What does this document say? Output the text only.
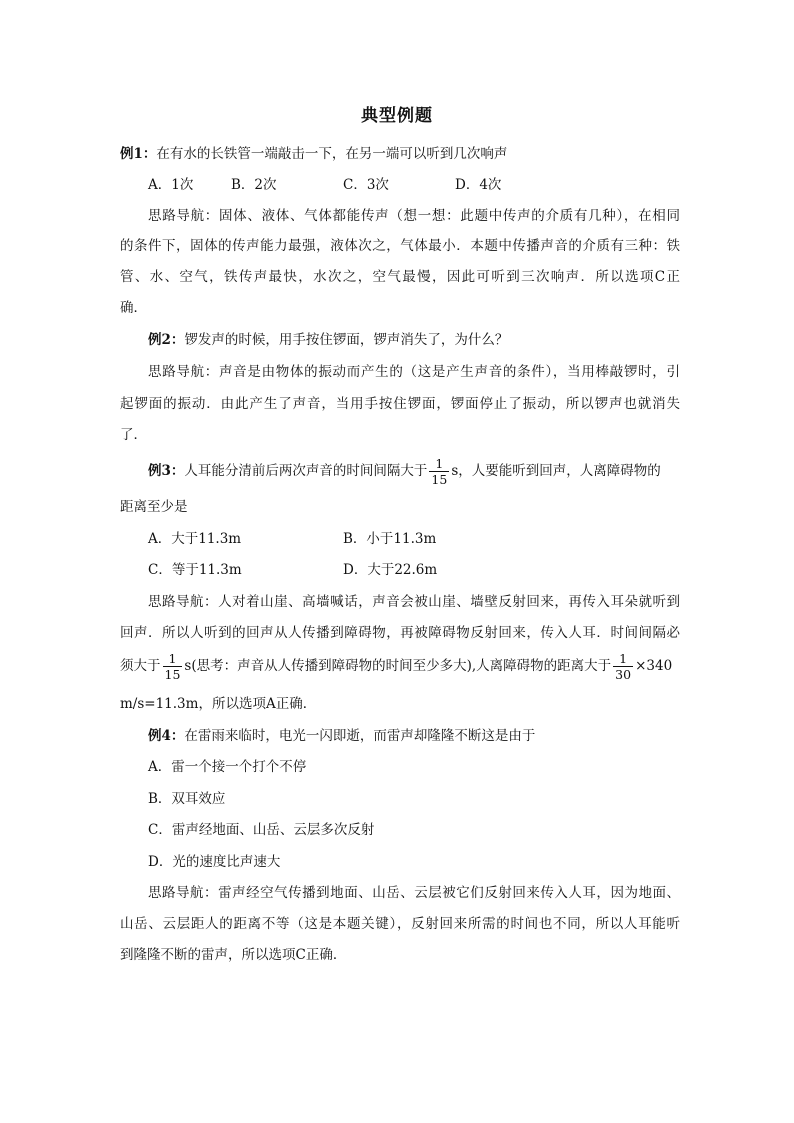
典型例题
例1：在有水的长铁管一端敲击一下，在另一端可以听到几次响声
A．1次	B．2次	C．3次	D．4次
思路导航：固体、液体、气体都能传声（想一想：此题中传声的介质有几种），在相同
的条件下，固体的传声能力最强，液体次之，气体最小．本题中传播声音的介质有三种：铁
管、水、空气，铁传声最快，水次之，空气最慢，因此可听到三次响声．所以选项C正
确．
例2：锣发声的时候，用手按住锣面，锣声消失了，为什么？
思路导航：声音是由物体的振动而产生的（这是产生声音的条件），当用棒敲锣时，引
起锣面的振动．由此产生了声音，当用手按住锣面，锣面停止了振动，所以锣声也就消失
了．
例3：人耳能分清前后两次声音的时间间隔大于 $\frac{1}{15}$ s，人要能听到回声，人离障碍物的
距离至少是
A．大于11.3m	B．小于11.3m
C．等于11.3m	D．大于22.6m
思路导航：人对着山崖、高墙喊话，声音会被山崖、墙壁反射回来，再传入耳朵就听到
回声．所以人听到的回声从人传播到障碍物，再被障碍物反射回来，传入人耳．时间间隔必
须大于 $\frac{1}{15} s$(思考：声音从人传播到障碍物的时间至少多大),人离障碍物的距离大于 $\frac{1}{30} \times 340$
m/s=11.3m，所以选项A正确．
例4：在雷雨来临时，电光一闪即逝，而雷声却隆隆不断这是由于
A．雷一个接一个打个不停
B．双耳效应
C．雷声经地面、山岳、云层多次反射
D．光的速度比声速大
思路导航：雷声经空气传播到地面、山岳、云层被它们反射回来传入人耳，因为地面、
山岳、云层距人的距离不等（这是本题关键），反射回来所需的时间也不同，所以人耳能听
到隆隆不断的雷声，所以选项C正确．
